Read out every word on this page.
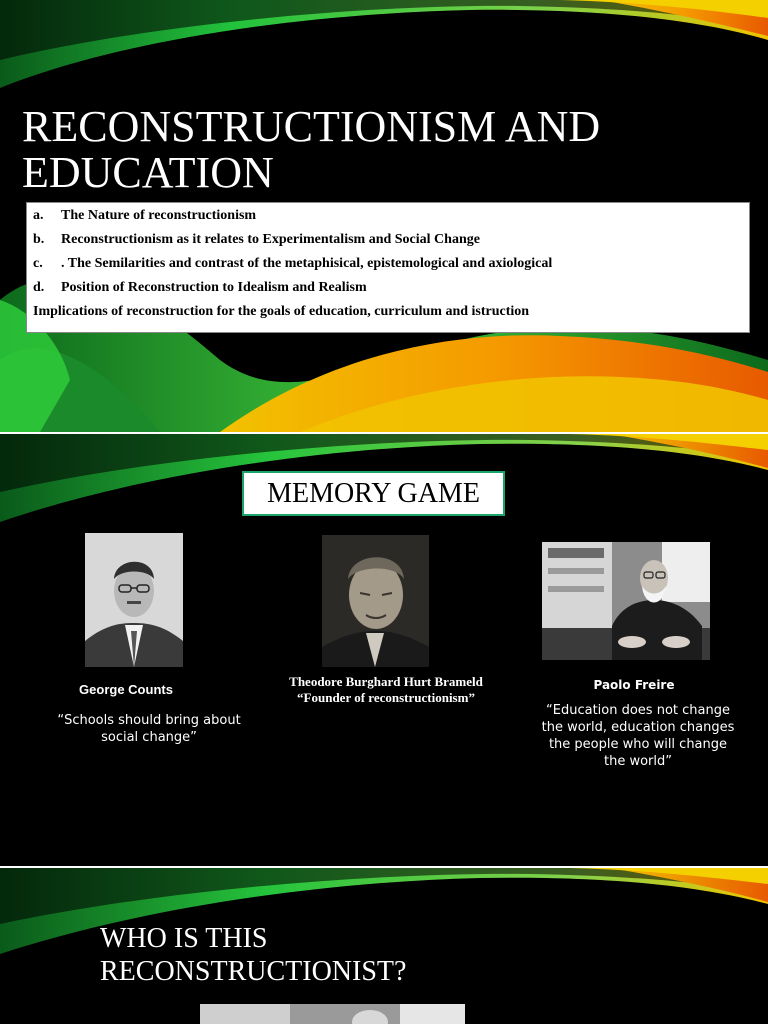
RECONSTRUCTIONISM AND
EDUCATION
a. The Nature of reconstructionism
b. Reconstructionism as it relates to Experimentalism and Social Change
c. . The Semilarities and contrast of the metaphisical, epistemological and axiological
d. Position of Reconstruction to Idealism and Realism
Implications of reconstruction for the goals of education, curriculum and istruction
MEMORY GAME
George Counts
“Schools should bring about social change”
Theodore Burghard Hurt Brameld
“Founder of reconstructionism”
Paolo Freire
“Education does not change the world, education changes the people who will change the world”
WHO IS THIS
RECONSTRUCTIONIST?
